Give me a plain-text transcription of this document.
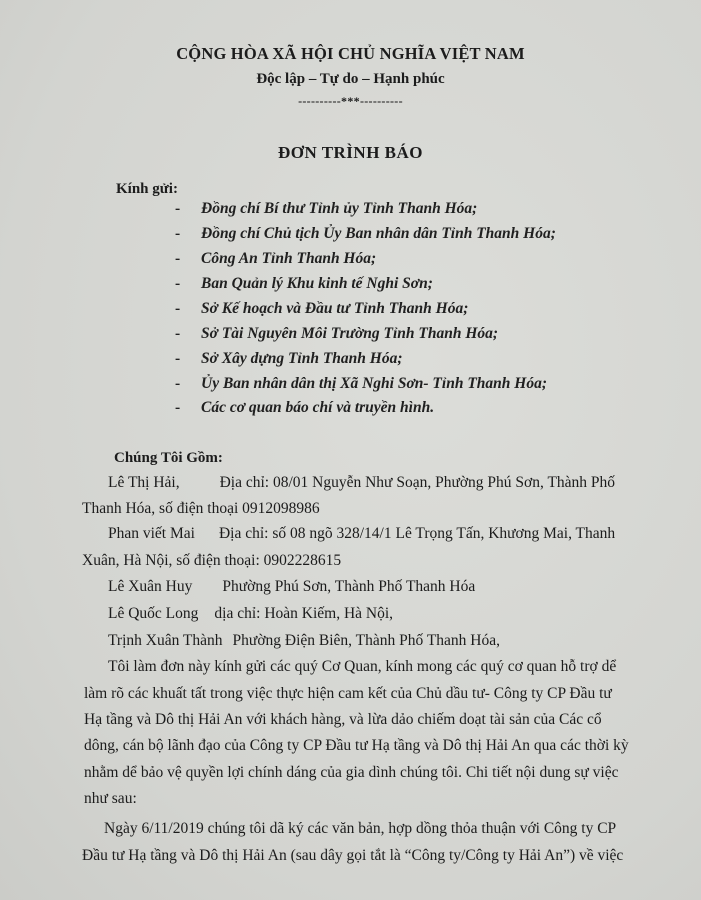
CỘNG HÒA XÃ HỘI CHỦ NGHĨA VIỆT NAM
Độc lập – Tự do – Hạnh phúc
----------***----------
ĐƠN TRÌNH BÁO
Kính gửi:
- Đồng chí Bí thư Tỉnh ủy Tỉnh Thanh Hóa;
- Đồng chí Chủ tịch Ủy Ban nhân dân Tỉnh Thanh Hóa;
- Công An Tỉnh Thanh Hóa;
- Ban Quản lý Khu kinh tế Nghi Sơn;
- Sở Kế hoạch và Đầu tư Tỉnh Thanh Hóa;
- Sở Tài Nguyên Môi Trường Tỉnh Thanh Hóa;
- Sở Xây dựng Tỉnh Thanh Hóa;
- Ủy Ban nhân dân thị Xã Nghi Sơn- Tỉnh Thanh Hóa;
- Các cơ quan báo chí và truyền hình.
Chúng Tôi Gồm:
Lê Thị Hải,	Địa chỉ: 08/01 Nguyễn Như Soạn, Phường Phú Sơn, Thành Phố
Thanh Hóa, số điện thoại 0912098986
Phan viết Mai Địa chỉ: số 08 ngõ 328/14/1 Lê Trọng Tấn, Khương Mai, Thanh
Xuân, Hà Nội, số điện thoại: 0902228615
Lê Xuân Huy Phường Phú Sơn, Thành Phố Thanh Hóa
Lê Quốc Long dịa chỉ: Hoàn Kiếm, Hà Nội,
Trịnh Xuân Thành Phường Điện Biên, Thành Phố Thanh Hóa,
Tôi làm đơn này kính gửi các quý Cơ Quan, kính mong các quý cơ quan hỗ trợ dể
làm rõ các khuất tất trong việc thực hiện cam kết của Chủ dầu tư- Công ty CP Đầu tư
Hạ tầng và Dô thị Hải An với khách hàng, và lừa dảo chiếm doạt tài sản của Các cổ
dông, cán bộ lãnh đạo của Công ty CP Đầu tư Hạ tầng và Dô thị Hải An qua các thời kỳ
nhằm dể bảo vệ quyền lợi chính dáng của gia dình chúng tôi. Chi tiết nội dung sự việc
như sau:
Ngày 6/11/2019 chúng tôi dã ký các văn bản, hợp dồng thỏa thuận với Công ty CP
Đầu tư Hạ tầng và Dô thị Hải An (sau dây gọi tắt là “Công ty/Công ty Hải An”) về việc
